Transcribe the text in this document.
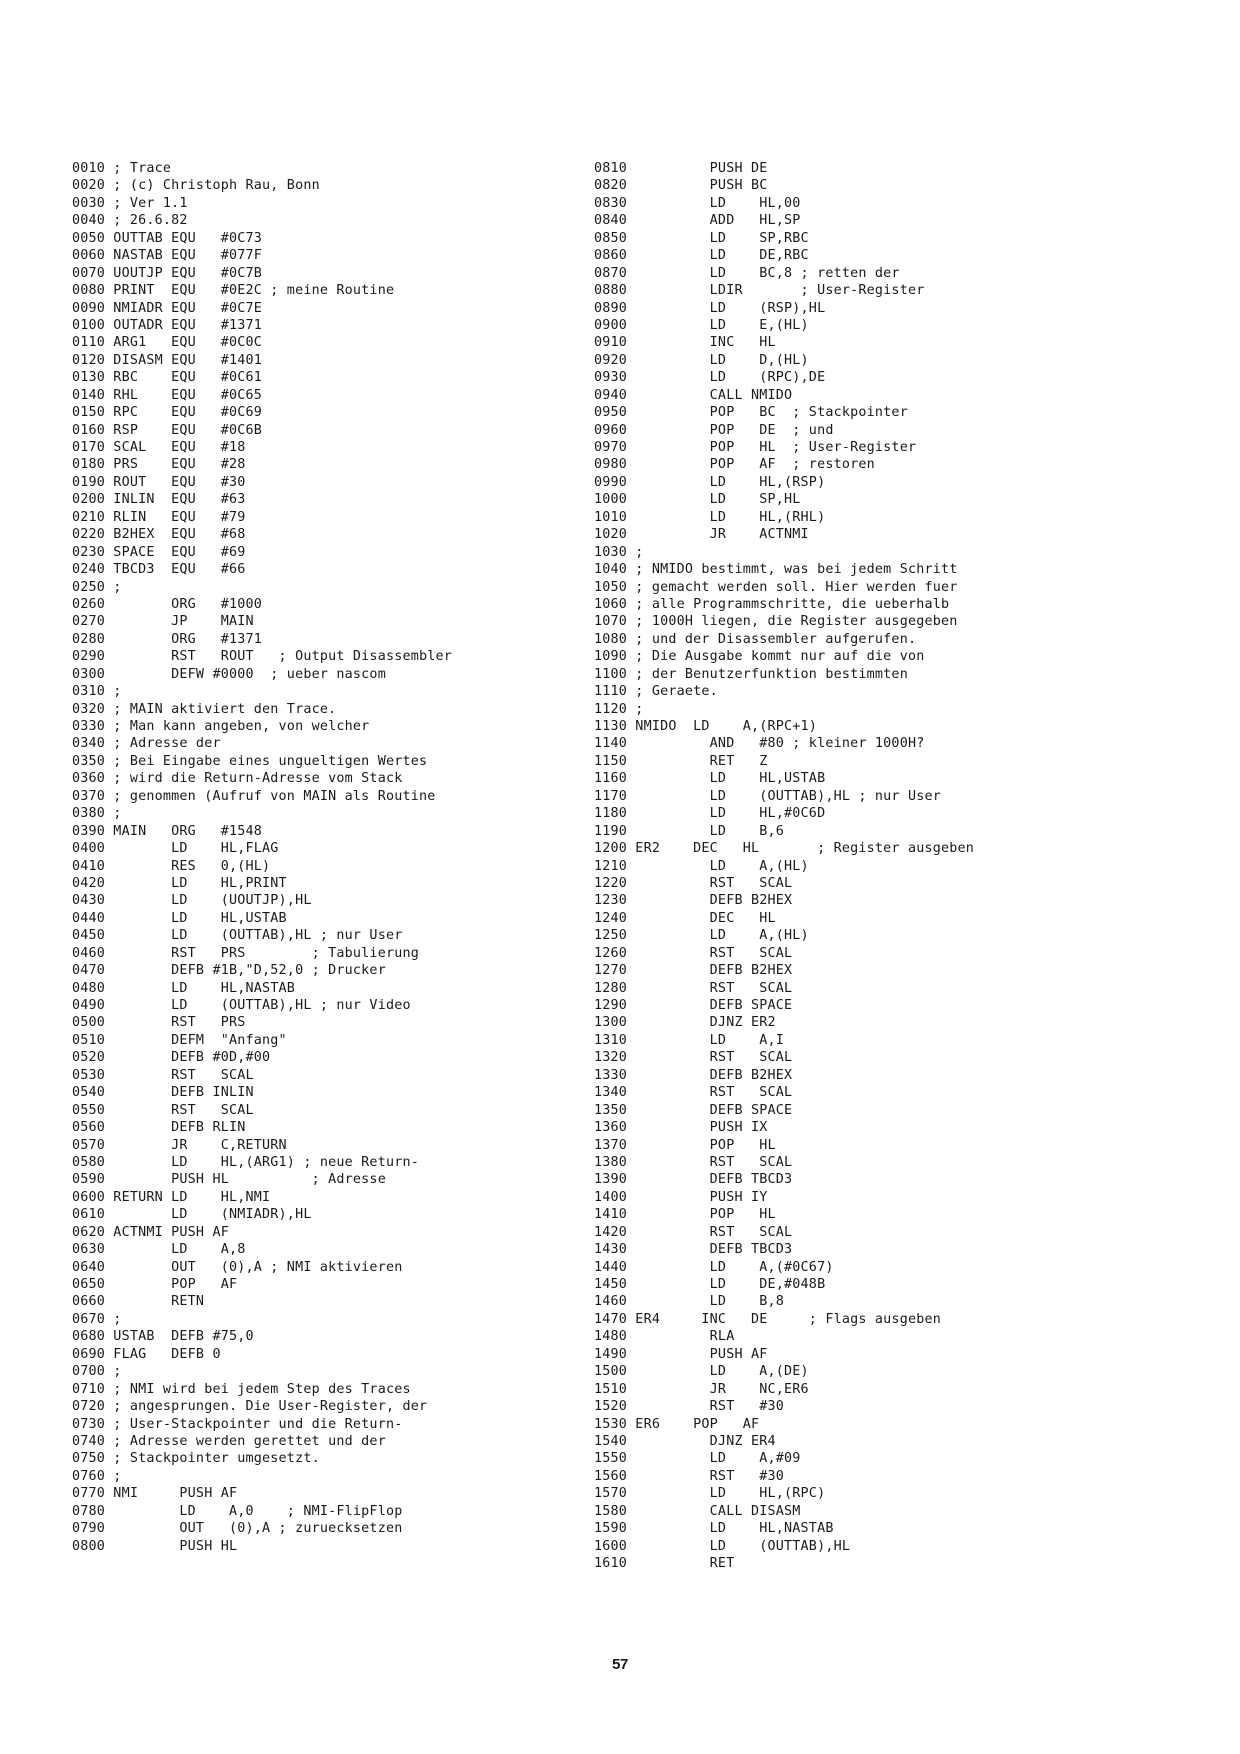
0010 ; Trace
0020 ; (c) Christoph Rau, Bonn
0030 ; Ver 1.1
0040 ; 26.6.82
0050 OUTTAB EQU   #0C73
0060 NASTAB EQU   #077F
0070 UOUTJP EQU   #0C7B
0080 PRINT  EQU   #0E2C ; meine Routine
0090 NMIADR EQU   #0C7E
0100 OUTADR EQU   #1371
0110 ARG1   EQU   #0C0C
0120 DISASM EQU   #1401
0130 RBC    EQU   #0C61
0140 RHL    EQU   #0C65
0150 RPC    EQU   #0C69
0160 RSP    EQU   #0C6B
0170 SCAL   EQU   #18
0180 PRS    EQU   #28
0190 ROUT   EQU   #30
0200 INLIN  EQU   #63
0210 RLIN   EQU   #79
0220 B2HEX  EQU   #68
0230 SPACE  EQU   #69
0240 TBCD3  EQU   #66
0250 ;
0260        ORG   #1000
0270        JP    MAIN
0280        ORG   #1371
0290        RST   ROUT   ; Output Disassembler
0300        DEFW #0000  ; ueber nascom
0310 ;
0320 ; MAIN aktiviert den Trace.
0330 ; Man kann angeben, von welcher
0340 ; Adresse der
0350 ; Bei Eingabe eines ungueltigen Wertes
0360 ; wird die Return-Adresse vom Stack
0370 ; genommen (Aufruf von MAIN als Routine
0380 ;
0390 MAIN   ORG   #1548
0400        LD    HL,FLAG
0410        RES   0,(HL)
0420        LD    HL,PRINT
0430        LD    (UOUTJP),HL
0440        LD    HL,USTAB
0450        LD    (OUTTAB),HL ; nur User
0460        RST   PRS        ; Tabulierung
0470        DEFB #1B,"D,52,0 ; Drucker
0480        LD    HL,NASTAB
0490        LD    (OUTTAB),HL ; nur Video
0500        RST   PRS
0510        DEFM  "Anfang"
0520        DEFB #0D,#00
0530        RST   SCAL
0540        DEFB INLIN
0550        RST   SCAL
0560        DEFB RLIN
0570        JR    C,RETURN
0580        LD    HL,(ARG1) ; neue Return-
0590        PUSH HL          ; Adresse
0600 RETURN LD    HL,NMI
0610        LD    (NMIADR),HL
0620 ACTNMI PUSH AF
0630        LD    A,8
0640        OUT   (0),A ; NMI aktivieren
0650        POP   AF
0660        RETN
0670 ;
0680 USTAB  DEFB #75,0
0690 FLAG   DEFB 0
0700 ;
0710 ; NMI wird bei jedem Step des Traces
0720 ; angesprungen. Die User-Register, der
0730 ; User-Stackpointer und die Return-
0740 ; Adresse werden gerettet und der
0750 ; Stackpointer umgesetzt.
0760 ;
0770 NMI     PUSH AF
0780         LD    A,0    ; NMI-FlipFlop
0790         OUT   (0),A ; zuruecksetzen
0800         PUSH HL
0810          PUSH DE
0820          PUSH BC
0830          LD    HL,00
0840          ADD   HL,SP
0850          LD    SP,RBC
0860          LD    DE,RBC
0870          LD    BC,8 ; retten der
0880          LDIR       ; User-Register
0890          LD    (RSP),HL
0900          LD    E,(HL)
0910          INC   HL
0920          LD    D,(HL)
0930          LD    (RPC),DE
0940          CALL NMIDO
0950          POP   BC  ; Stackpointer
0960          POP   DE  ; und
0970          POP   HL  ; User-Register
0980          POP   AF  ; restoren
0990          LD    HL,(RSP)
1000          LD    SP,HL
1010          LD    HL,(RHL)
1020          JR    ACTNMI
1030 ;
1040 ; NMIDO bestimmt, was bei jedem Schritt
1050 ; gemacht werden soll. Hier werden fuer
1060 ; alle Programmschritte, die ueberhalb
1070 ; 1000H liegen, die Register ausgegeben
1080 ; und der Disassembler aufgerufen.
1090 ; Die Ausgabe kommt nur auf die von
1100 ; der Benutzerfunktion bestimmten
1110 ; Geraete.
1120 ;
1130 NMIDO  LD    A,(RPC+1)
1140          AND   #80 ; kleiner 1000H?
1150          RET   Z
1160          LD    HL,USTAB
1170          LD    (OUTTAB),HL ; nur User
1180          LD    HL,#0C6D
1190          LD    B,6
1200 ER2    DEC   HL       ; Register ausgeben
1210          LD    A,(HL)
1220          RST   SCAL
1230          DEFB B2HEX
1240          DEC   HL
1250          LD    A,(HL)
1260          RST   SCAL
1270          DEFB B2HEX
1280          RST   SCAL
1290          DEFB SPACE
1300          DJNZ ER2
1310          LD    A,I
1320          RST   SCAL
1330          DEFB B2HEX
1340          RST   SCAL
1350          DEFB SPACE
1360          PUSH IX
1370          POP   HL
1380          RST   SCAL
1390          DEFB TBCD3
1400          PUSH IY
1410          POP   HL
1420          RST   SCAL
1430          DEFB TBCD3
1440          LD    A,(#0C67)
1450          LD    DE,#048B
1460          LD    B,8
1470 ER4     INC   DE     ; Flags ausgeben
1480          RLA
1490          PUSH AF
1500          LD    A,(DE)
1510          JR    NC,ER6
1520          RST   #30
1530 ER6    POP   AF
1540          DJNZ ER4
1550          LD    A,#09
1560          RST   #30
1570          LD    HL,(RPC)
1580          CALL DISASM
1590          LD    HL,NASTAB
1600          LD    (OUTTAB),HL
1610          RET
57
